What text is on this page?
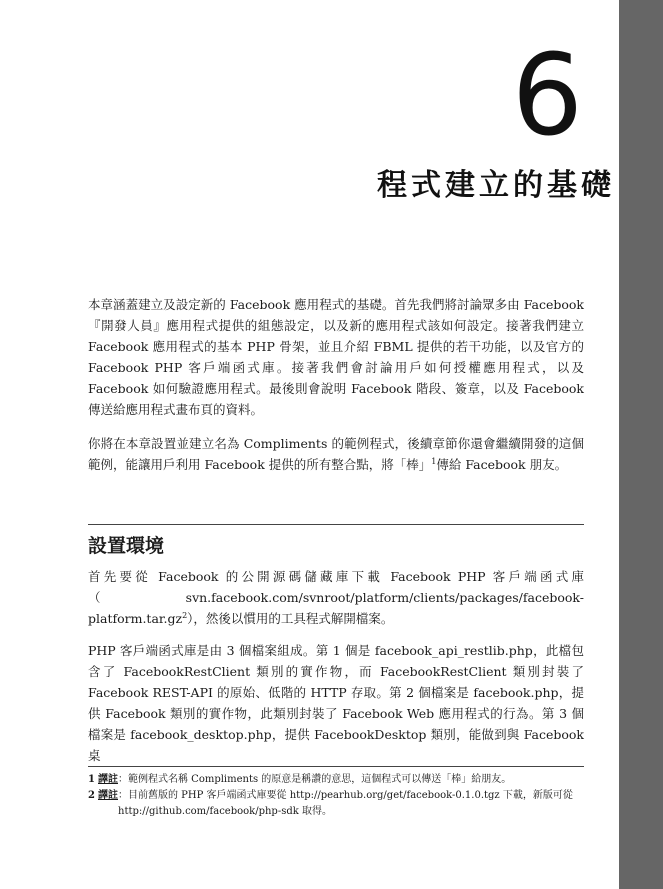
6
程式建立的基礎

本章涵蓋建立及設定新的 Facebook 應用程式的基礎。首先我們將討論眾多由 Facebook『開發人員』應用程式提供的組態設定，以及新的應用程式該如何設定。接著我們建立 Facebook 應用程式的基本 PHP 骨架，並且介紹 FBML 提供的若干功能，以及官方的 Facebook PHP 客戶端函式庫。接著我們會討論用戶如何授權應用程式，以及 Facebook 如何驗證應用程式。最後則會說明 Facebook 階段、簽章，以及 Facebook 傳送給應用程式畫布頁的資料。

你將在本章設置並建立名為 Compliments 的範例程式，後續章節你還會繼續開發的這個範例，能讓用戶利用 Facebook 提供的所有整合點，將「棒」$^1$傳給 Facebook 朋友。

設置環境

首先要從 Facebook 的公開源碼儲藏庫下載 Facebook PHP 客戶端函式庫$(svn.facebook.com/svnroot/platform/clients/packages/facebook-platform.tar.gz^2)$，然後以慣用的工具程式解開檔案。

PHP 客戶端函式庫是由 3 個檔案組成。第 1 個是 facebook_api_restlib.php，此檔包含了 FacebookRestClient 類別的實作物，而 FacebookRestClient 類別封裝了 Facebook REST-API 的原始、低階的 HTTP 存取。第 2 個檔案是 facebook.php，提供 Facebook 類別的實作物，此類別封裝了 Facebook Web 應用程式的行為。第 3 個檔案是 facebook_desktop.php，提供 FacebookDesktop 類別，能做到與 Facebook 桌

1 譯註 ：範例程式名稱 Compliments 的原意是稱讚的意思，這個程式可以傳送「棒」給朋友。
2 譯註 ：目前舊版的 PHP 客戶端函式庫要從 http://pearhub.org/get/facebook-0.1.0.tgz 下載，新版可從 http://github.com/facebook/php-sdk 取得。
